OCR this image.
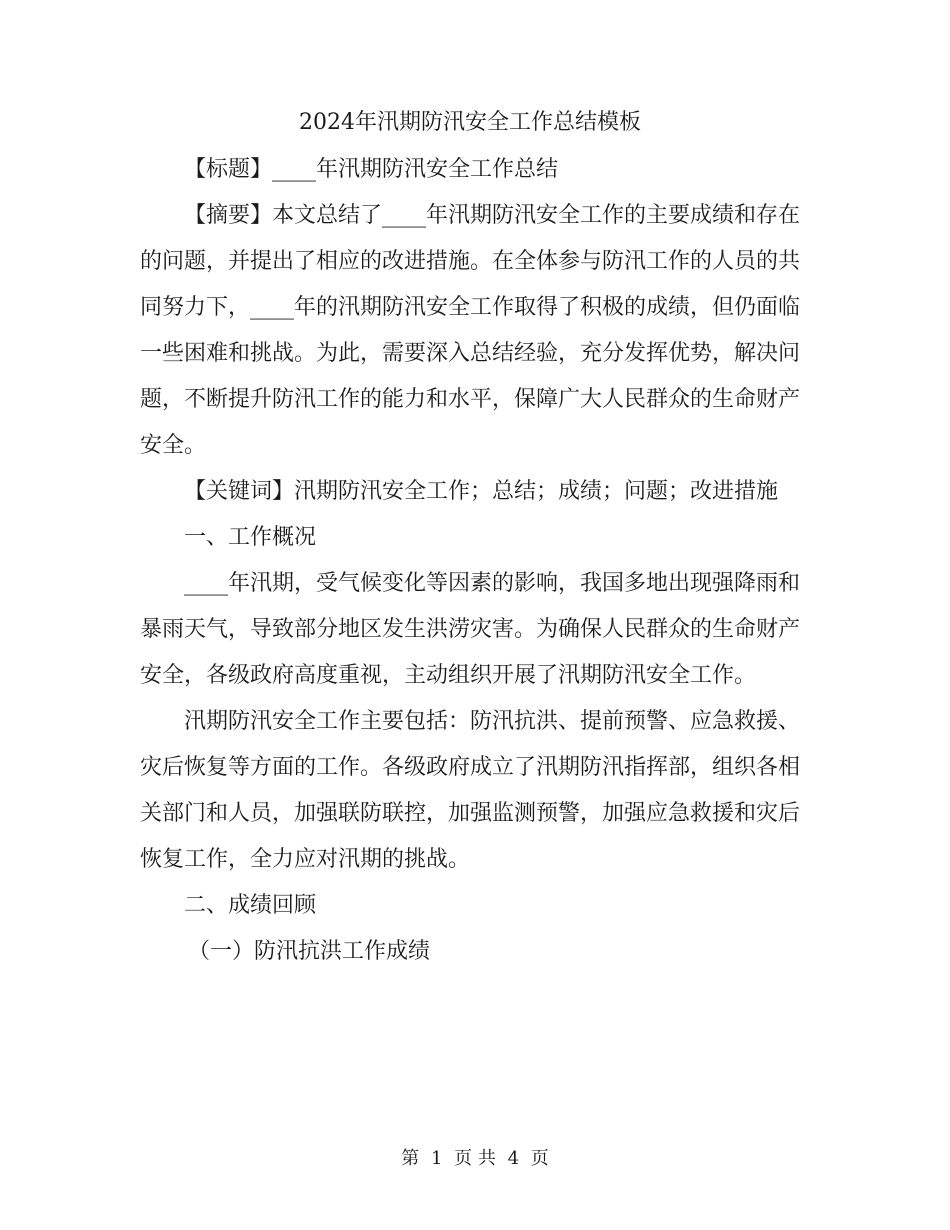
2024年汛期防汛安全工作总结模板

【标题】____年汛期防汛安全工作总结

【摘要】本文总结了____年汛期防汛安全工作的主要成绩和存在的问题，并提出了相应的改进措施。在全体参与防汛工作的人员的共同努力下，____年的汛期防汛安全工作取得了积极的成绩，但仍面临一些困难和挑战。为此，需要深入总结经验，充分发挥优势，解决问题，不断提升防汛工作的能力和水平，保障广大人民群众的生命财产安全。

【关键词】汛期防汛安全工作；总结；成绩；问题；改进措施

一、工作概况

____年汛期，受气候变化等因素的影响，我国多地出现强降雨和暴雨天气，导致部分地区发生洪涝灾害。为确保人民群众的生命财产安全，各级政府高度重视，主动组织开展了汛期防汛安全工作。

汛期防汛安全工作主要包括：防汛抗洪、提前预警、应急救援、灾后恢复等方面的工作。各级政府成立了汛期防汛指挥部，组织各相关部门和人员，加强联防联控，加强监测预警，加强应急救援和灾后恢复工作，全力应对汛期的挑战。

二、成绩回顾

（一）防汛抗洪工作成绩

第 1 页 共 4 页
